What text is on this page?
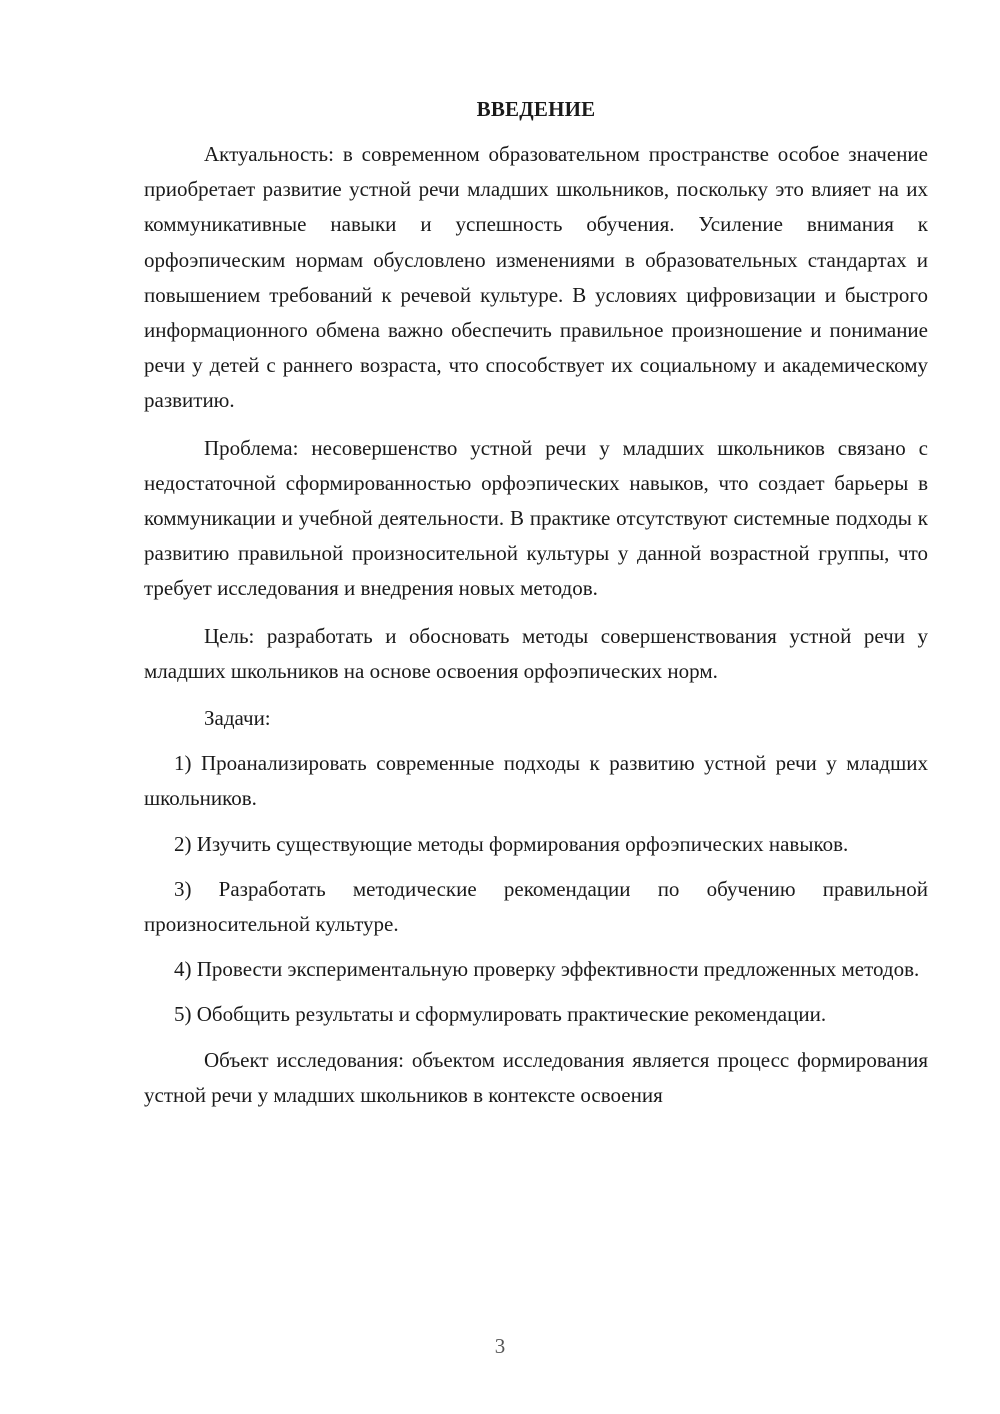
ВВЕДЕНИЕ

Актуальность: в современном образовательном пространстве особое значение приобретает развитие устной речи младших школьников, поскольку это влияет на их коммуникативные навыки и успешность обучения. Усиление внимания к орфоэпическим нормам обусловлено изменениями в образовательных стандартах и повышением требований к речевой культуре. В условиях цифровизации и быстрого информационного обмена важно обеспечить правильное произношение и понимание речи у детей с раннего возраста, что способствует их социальному и академическому развитию.

Проблема: несовершенство устной речи у младших школьников связано с недостаточной сформированностью орфоэпических навыков, что создает барьеры в коммуникации и учебной деятельности. В практике отсутствуют системные подходы к развитию правильной произносительной культуры у данной возрастной группы, что требует исследования и внедрения новых методов.

Цель: разработать и обосновать методы совершенствования устной речи у младших школьников на основе освоения орфоэпических норм.

Задачи:

1) Проанализировать современные подходы к развитию устной речи у младших школьников.

2) Изучить существующие методы формирования орфоэпических навыков.

3) Разработать методические рекомендации по обучению правильной произносительной культуре.

4) Провести экспериментальную проверку эффективности предложенных методов.

5) Обобщить результаты и сформулировать практические рекомендации.

Объект исследования: объектом исследования является процесс формирования устной речи у младших школьников в контексте освоения

3
